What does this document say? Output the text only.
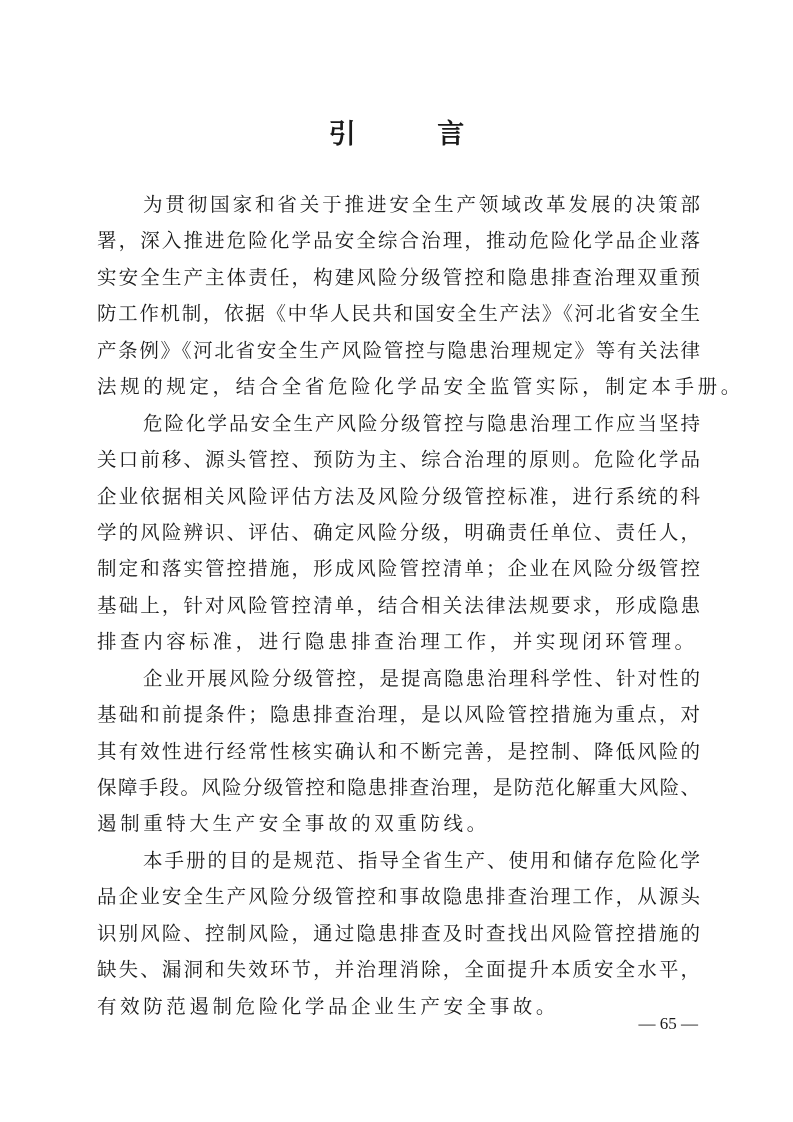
引 言
为贯彻国家和省关于推进安全生产领域改革发展的决策部
署，深入推进危险化学品安全综合治理，推动危险化学品企业落
实安全生产主体责任，构建风险分级管控和隐患排查治理双重预
防工作机制，依据《中华人民共和国安全生产法》《河北省安全生
产条例》《河北省安全生产风险管控与隐患治理规定》等有关法律
法规的规定，结合全省危险化学品安全监管实际，制定本手册。
危险化学品安全生产风险分级管控与隐患治理工作应当坚持
关口前移、源头管控、预防为主、综合治理的原则。危险化学品
企业依据相关风险评估方法及风险分级管控标准，进行系统的科
学的风险辨识、评估、确定风险分级，明确责任单位、责任人，
制定和落实管控措施，形成风险管控清单；企业在风险分级管控
基础上，针对风险管控清单，结合相关法律法规要求，形成隐患
排查内容标准，进行隐患排查治理工作，并实现闭环管理。
企业开展风险分级管控，是提高隐患治理科学性、针对性的
基础和前提条件；隐患排查治理，是以风险管控措施为重点，对
其有效性进行经常性核实确认和不断完善，是控制、降低风险的
保障手段。风险分级管控和隐患排查治理，是防范化解重大风险、
遏制重特大生产安全事故的双重防线。
本手册的目的是规范、指导全省生产、使用和储存危险化学
品企业安全生产风险分级管控和事故隐患排查治理工作，从源头
识别风险、控制风险，通过隐患排查及时查找出风险管控措施的
缺失、漏洞和失效环节，并治理消除，全面提升本质安全水平，
有效防范遏制危险化学品企业生产安全事故。
— 65 —
